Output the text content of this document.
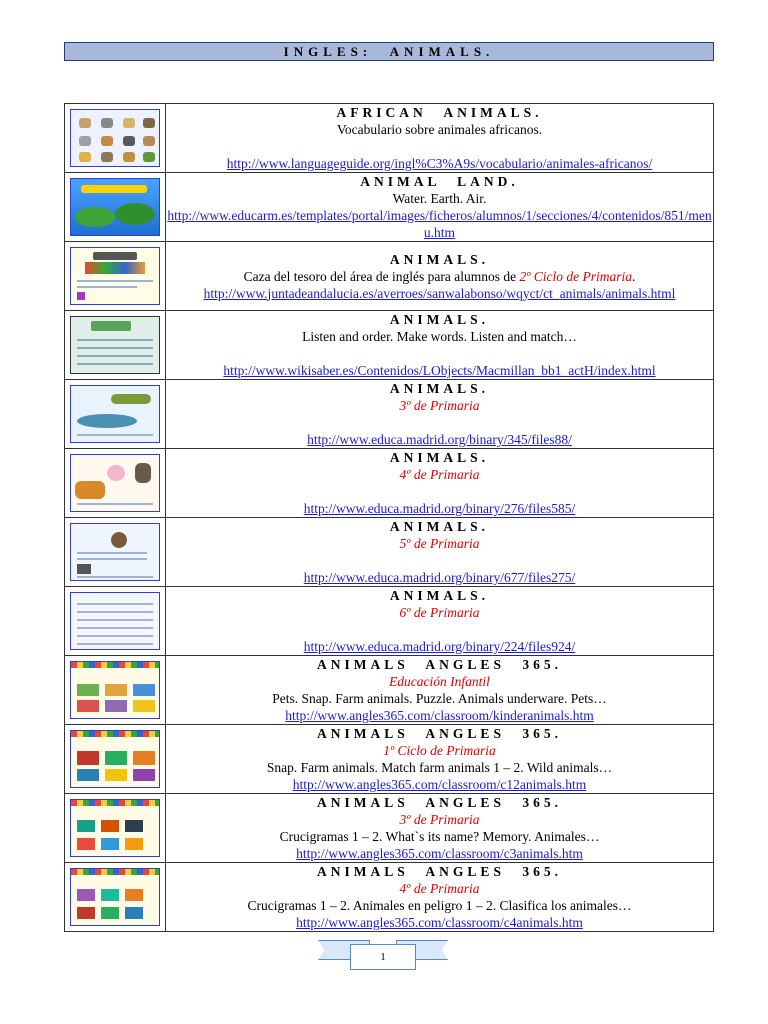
INGLES: ANIMALS.

	AFRICAN ANIMALS.
Vocabulario sobre animales africanos.
http://www.languageguide.org/ingl%C3%A9s/vocabulario/animales-africanos/

	ANIMAL LAND.
Water. Earth. Air.
http://www.educarm.es/templates/portal/images/ficheros/alumnos/1/secciones/4/contenidos/851/menu.htm

	ANIMALS.
Caza del tesoro del área de inglés para alumnos de 2º Ciclo de Primaria.
http://www.juntadeandalucia.es/averroes/sanwalabonso/wqyct/ct_animals/animals.html

	ANIMALS.
Listen and order. Make words. Listen and match…
http://www.wikisaber.es/Contenidos/LObjects/Macmillan_bb1_actH/index.html

	ANIMALS.
3º de Primaria
http://www.educa.madrid.org/binary/345/files88/

	ANIMALS.
4º de Primaria
http://www.educa.madrid.org/binary/276/files585/

	ANIMALS.
5º de Primaria
http://www.educa.madrid.org/binary/677/files275/

	ANIMALS.
6º de Primaria
http://www.educa.madrid.org/binary/224/files924/

	ANIMALS ANGLES 365.
Educación Infantil
Pets. Snap. Farm animals. Puzzle. Animals underware. Pets…
http://www.angles365.com/classroom/kinderanimals.htm

	ANIMALS ANGLES 365.
1º Ciclo de Primaria
Snap. Farm animals. Match farm animals 1 – 2. Wild animals…
http://www.angles365.com/classroom/c12animals.htm

	ANIMALS ANGLES 365.
3º de Primaria
Crucigramas 1 – 2. What`s its name? Memory. Animales…
http://www.angles365.com/classroom/c3animals.htm

	ANIMALS ANGLES 365.
4º de Primaria
Crucigramas 1 – 2. Animales en peligro 1 – 2. Clasifica los animales…
http://www.angles365.com/classroom/c4animals.htm
1
